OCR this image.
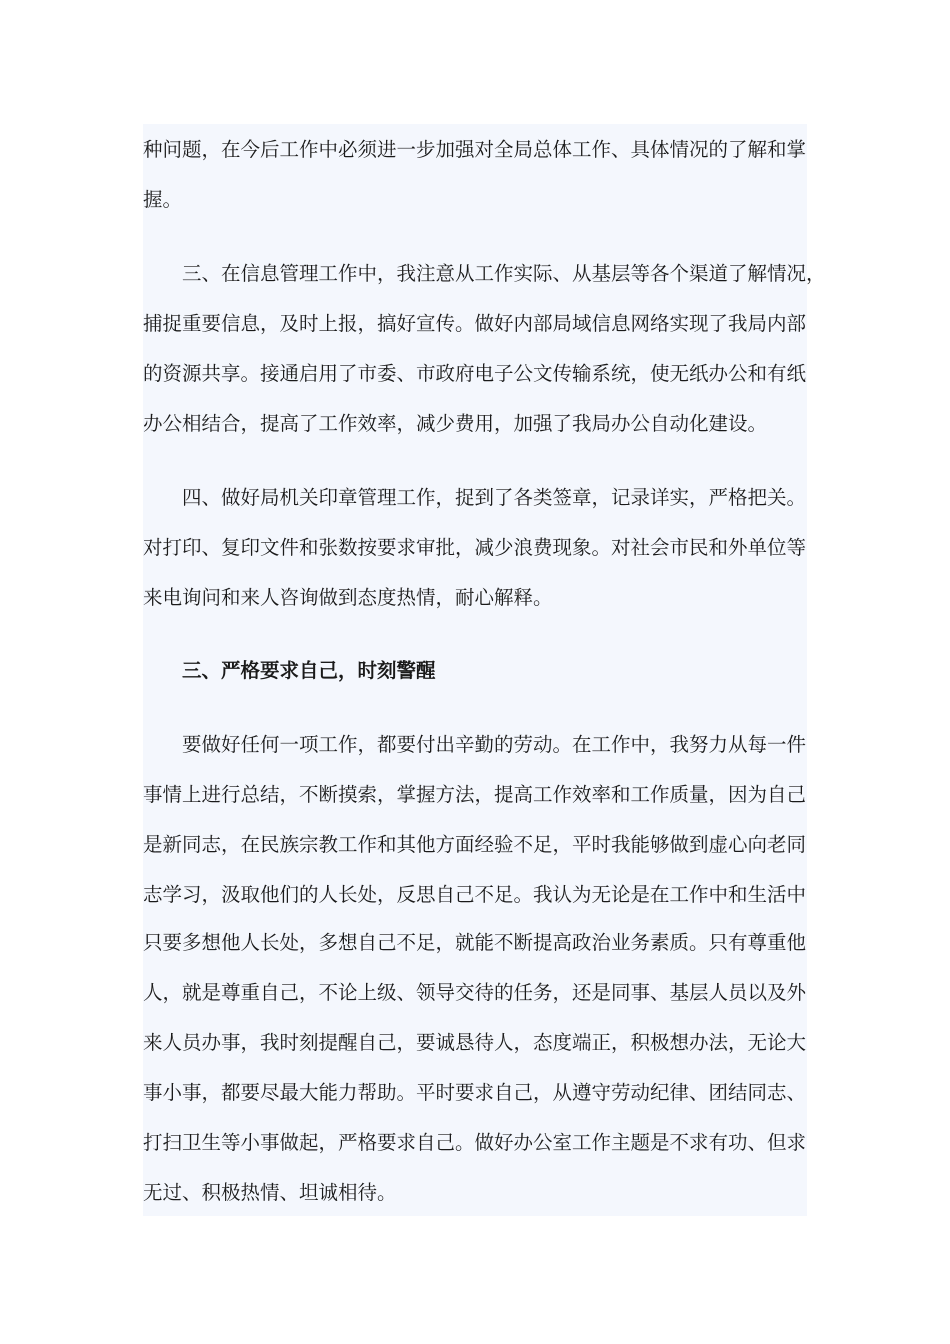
种问题，在今后工作中必须进一步加强对全局总体工作、具体情况的了解和掌
握。
三、在信息管理工作中，我注意从工作实际、从基层等各个渠道了解情况，
捕捉重要信息，及时上报，搞好宣传。做好内部局域信息网络实现了我局内部
的资源共享。接通启用了市委、市政府电子公文传输系统，使无纸办公和有纸
办公相结合，提高了工作效率，减少费用，加强了我局办公自动化建设。
四、做好局机关印章管理工作，捉到了各类签章，记录详实，严格把关。
对打印、复印文件和张数按要求审批，减少浪费现象。对社会市民和外单位等
来电询问和来人咨询做到态度热情，耐心解释。
三、严格要求自己，时刻警醒
要做好任何一项工作，都要付出辛勤的劳动。在工作中，我努力从每一件
事情上进行总结，不断摸索，掌握方法，提高工作效率和工作质量，因为自己
是新同志，在民族宗教工作和其他方面经验不足，平时我能够做到虚心向老同
志学习，汲取他们的人长处，反思自己不足。我认为无论是在工作中和生活中
只要多想他人长处，多想自己不足，就能不断提高政治业务素质。只有尊重他
人，就是尊重自己，不论上级、领导交待的任务，还是同事、基层人员以及外
来人员办事，我时刻提醒自己，要诚恳待人，态度端正，积极想办法，无论大
事小事，都要尽最大能力帮助。平时要求自己，从遵守劳动纪律、团结同志、
打扫卫生等小事做起，严格要求自己。做好办公室工作主题是不求有功、但求
无过、积极热情、坦诚相待。
